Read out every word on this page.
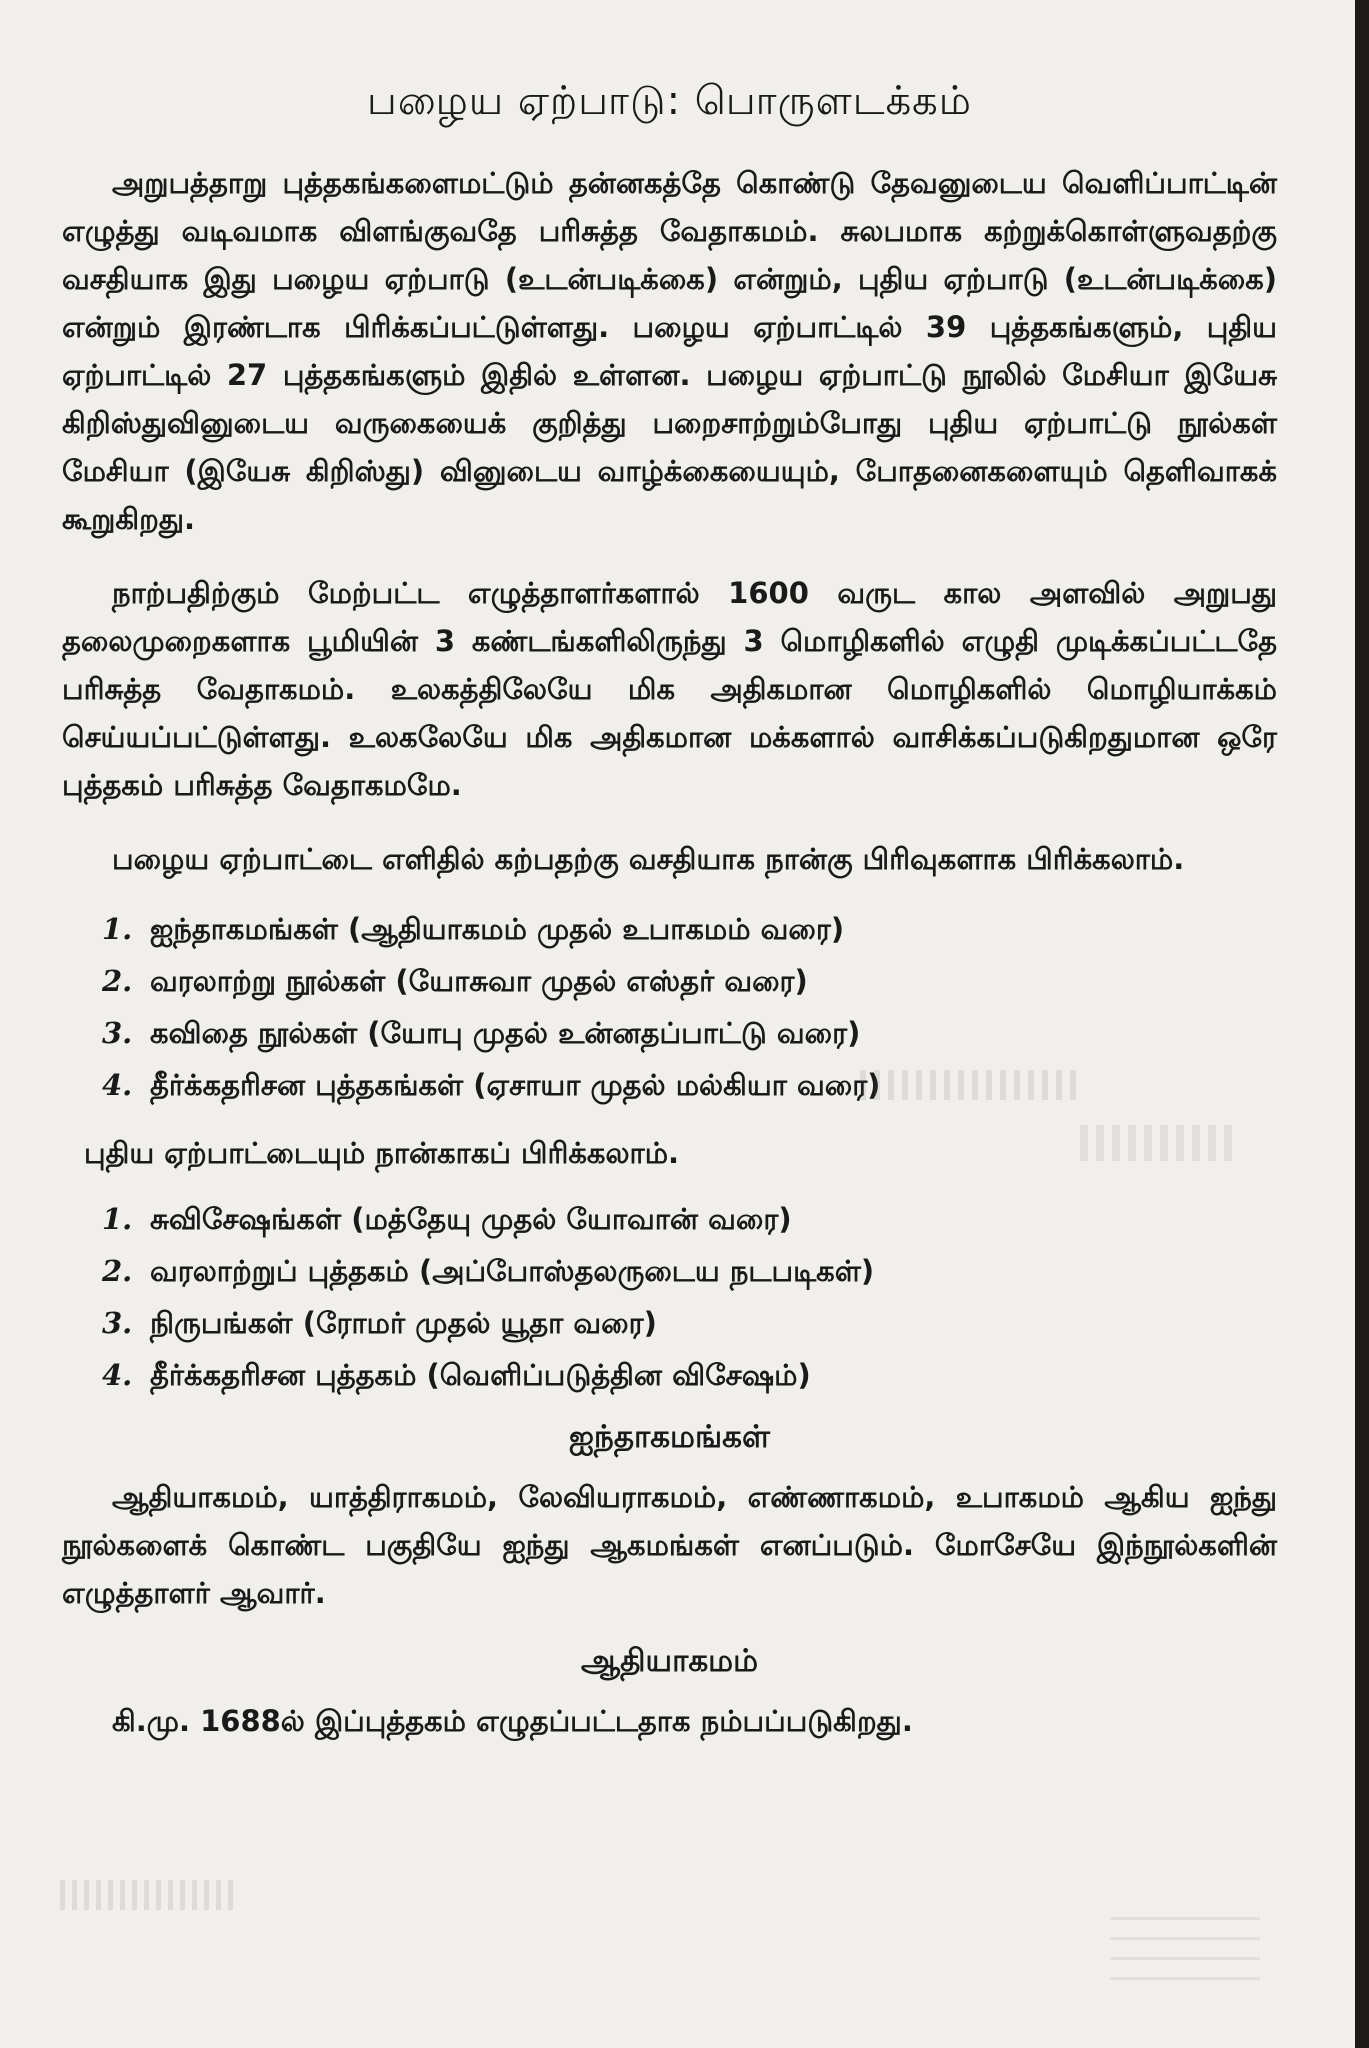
பழைய ஏற்பாடு: பொருளடக்கம்

அறுபத்தாறு புத்தகங்களைமட்டும் தன்னகத்தே கொண்டு தேவனுடைய வெளிப்பாட்டின் எழுத்து வடிவமாக விளங்குவதே பரிசுத்த வேதாகமம். சுலபமாக கற்றுக்கொள்ளுவதற்கு வசதியாக இது பழைய ஏற்பாடு (உடன்படிக்கை) என்றும், புதிய ஏற்பாடு (உடன்படிக்கை) என்றும் இரண்டாக பிரிக்கப்பட்டுள்ளது. பழைய ஏற்பாட்டில் 39 புத்தகங்களும், புதிய ஏற்பாட்டில் 27 புத்தகங்களும் இதில் உள்ளன. பழைய ஏற்பாட்டு நூலில் மேசியா இயேசு கிறிஸ்துவினுடைய வருகையைக் குறித்து பறைசாற்றும்போது புதிய ஏற்பாட்டு நூல்கள் மேசியா (இயேசு கிறிஸ்து) வினுடைய வாழ்க்கையையும், போதனைகளையும் தெளிவாகக் கூறுகிறது.

நாற்பதிற்கும் மேற்பட்ட எழுத்தாளர்களால் 1600 வருட கால அளவில் அறுபது தலைமுறைகளாக பூமியின் 3 கண்டங்களிலிருந்து 3 மொழிகளில் எழுதி முடிக்கப்பட்டதே பரிசுத்த வேதாகமம். உலகத்திலேயே மிக அதிகமான மொழிகளில் மொழியாக்கம் செய்யப்பட்டுள்ளது. உலகலேயே மிக அதிகமான மக்களால் வாசிக்கப்படுகிறதுமான ஒரே புத்தகம் பரிசுத்த வேதாகமமே.

பழைய ஏற்பாட்டை எளிதில் கற்பதற்கு வசதியாக நான்கு பிரிவுகளாக பிரிக்கலாம்.

1. ஐந்தாகமங்கள் (ஆதியாகமம் முதல் உபாகமம் வரை)
2. வரலாற்று நூல்கள் (யோசுவா முதல் எஸ்தர் வரை)
3. கவிதை நூல்கள் (யோபு முதல் உன்னதப்பாட்டு வரை)
4. தீர்க்கதரிசன புத்தகங்கள் (ஏசாயா முதல் மல்கியா வரை)
புதிய ஏற்பாட்டையும் நான்காகப் பிரிக்கலாம்.
1. சுவிசேஷங்கள் (மத்தேயு முதல் யோவான் வரை)
2. வரலாற்றுப் புத்தகம் (அப்போஸ்தலருடைய நடபடிகள்)
3. நிருபங்கள் (ரோமர் முதல் யூதா வரை)
4. தீர்க்கதரிசன புத்தகம் (வெளிப்படுத்தின விசேஷம்)
ஐந்தாகமங்கள்

ஆதியாகமம், யாத்திராகமம், லேவியராகமம், எண்ணாகமம், உபாகமம் ஆகிய ஐந்து நூல்களைக் கொண்ட பகுதியே ஐந்து ஆகமங்கள் எனப்படும். மோசேயே இந்நூல்களின் எழுத்தாளர் ஆவார்.

ஆதியாகமம்

கி.மு. 1688ல் இப்புத்தகம் எழுதப்பட்டதாக நம்பப்படுகிறது.
